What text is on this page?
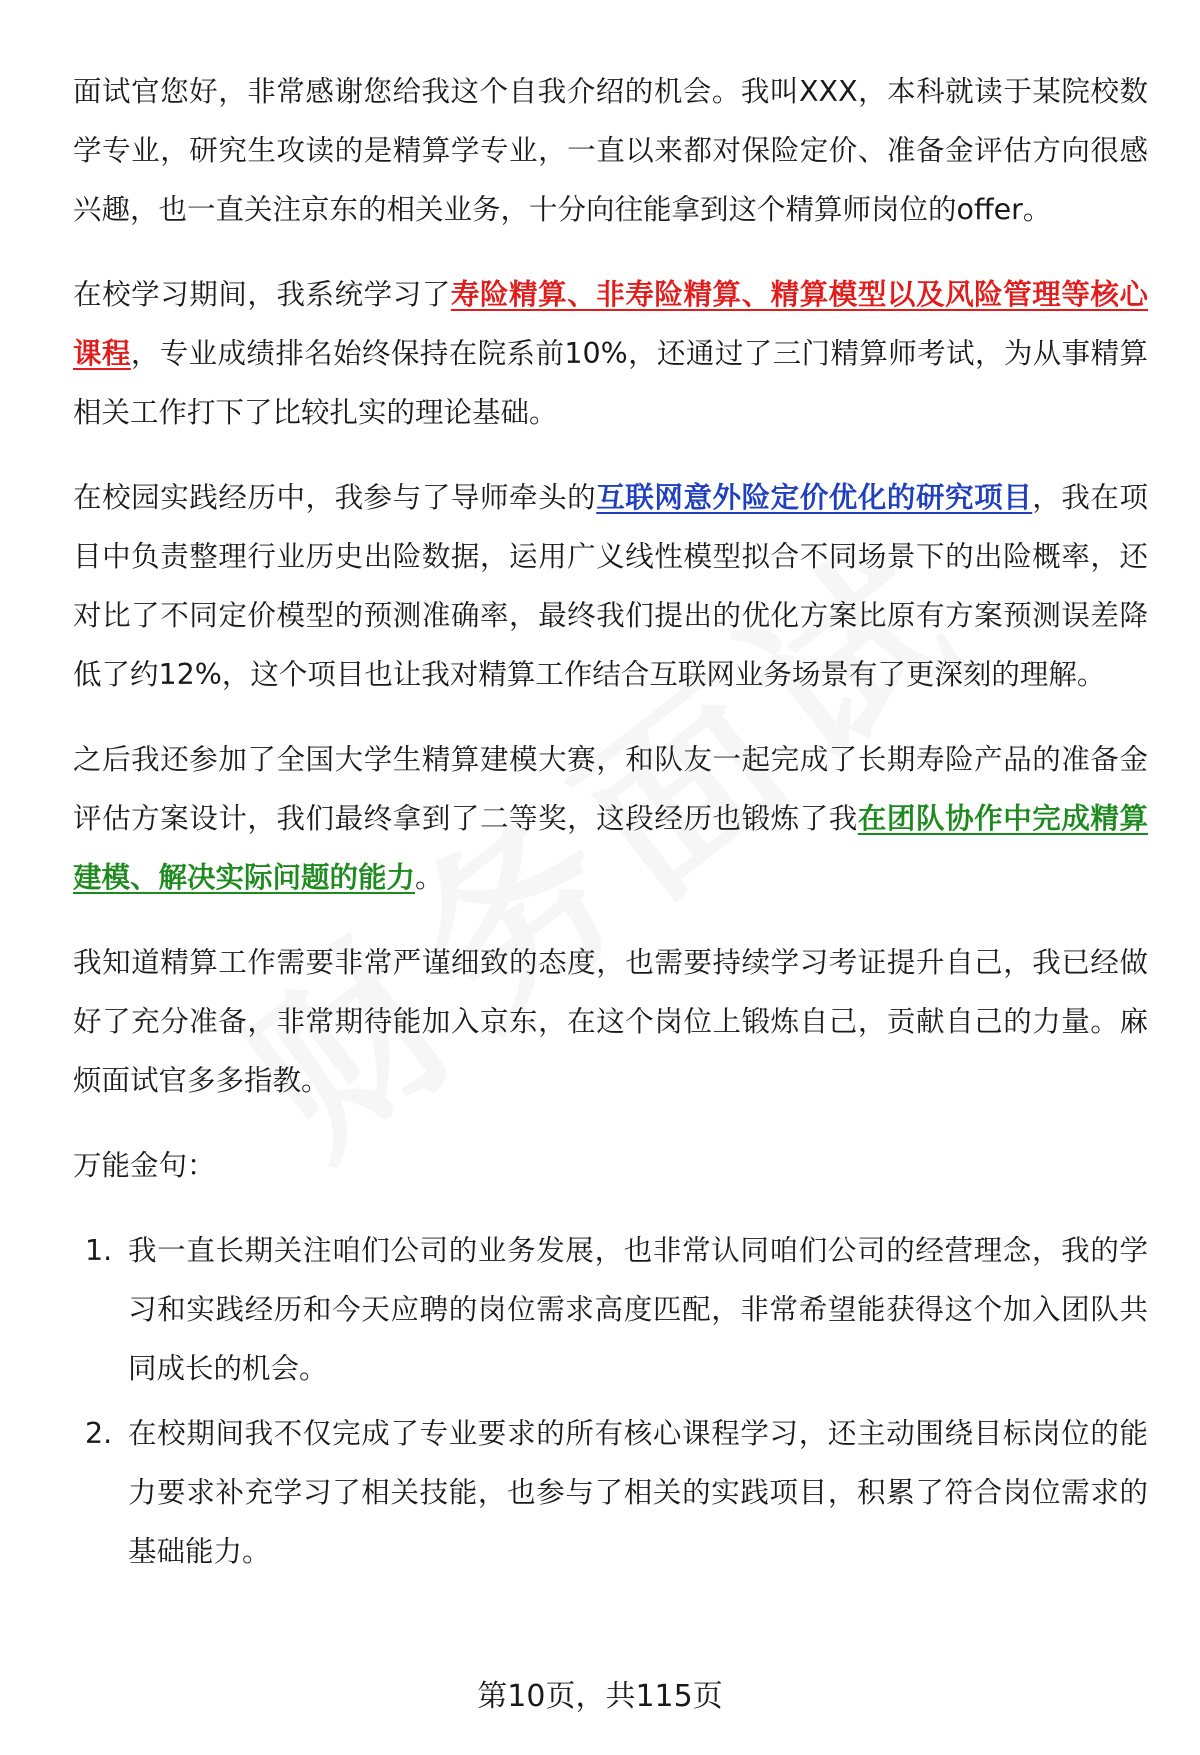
面试官您好，非常感谢您给我这个自我介绍的机会。我叫XXX，本科就读于某院校数学专业，研究生攻读的是精算学专业，一直以来都对保险定价、准备金评估方向很感兴趣，也一直关注京东的相关业务，十分向往能拿到这个精算师岗位的offer。

在校学习期间，我系统学习了寿险精算、非寿险精算、精算模型以及风险管理等核心课程，专业成绩排名始终保持在院系前10%，还通过了三门精算师考试，为从事精算相关工作打下了比较扎实的理论基础。

在校园实践经历中，我参与了导师牵头的互联网意外险定价优化的研究项目，我在项目中负责整理行业历史出险数据，运用广义线性模型拟合不同场景下的出险概率，还对比了不同定价模型的预测准确率，最终我们提出的优化方案比原有方案预测误差降低了约12%，这个项目也让我对精算工作结合互联网业务场景有了更深刻的理解。

之后我还参加了全国大学生精算建模大赛，和队友一起完成了长期寿险产品的准备金评估方案设计，我们最终拿到了二等奖，这段经历也锻炼了我在团队协作中完成精算建模、解决实际问题的能力。

我知道精算工作需要非常严谨细致的态度，也需要持续学习考证提升自己，我已经做好了充分准备，非常期待能加入京东，在这个岗位上锻炼自己，贡献自己的力量。麻烦面试官多多指教。

万能金句：
1. 我一直长期关注咱们公司的业务发展，也非常认同咱们公司的经营理念，我的学习和实践经历和今天应聘的岗位需求高度匹配，非常希望能获得这个加入团队共同成长的机会。
2. 在校期间我不仅完成了专业要求的所有核心课程学习，还主动围绕目标岗位的能力要求补充学习了相关技能，也参与了相关的实践项目，积累了符合岗位需求的基础能力。
第10页，共115页
